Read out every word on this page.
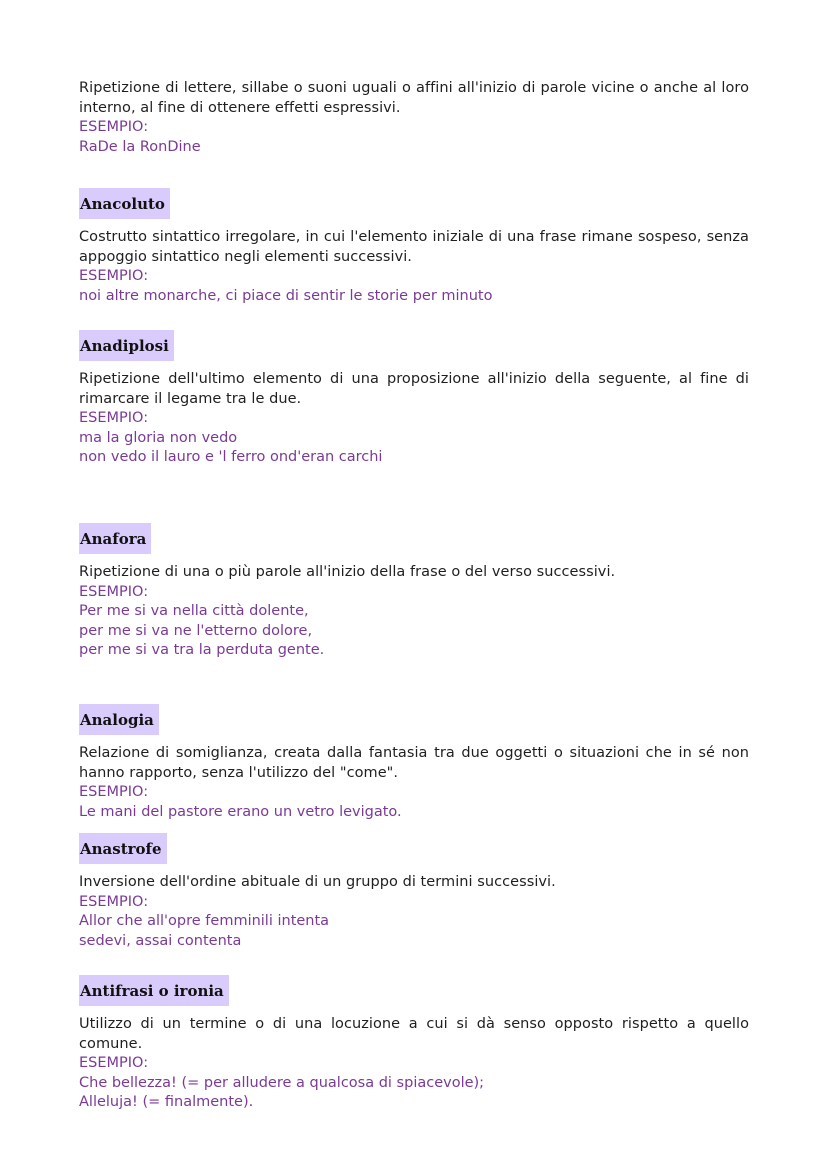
Ripetizione di lettere, sillabe o suoni uguali o affini all'inizio di parole vicine o anche al loro interno, al fine di ottenere effetti espressivi.

ESEMPIO:

RaDe la RonDine

Anacoluto

Costrutto sintattico irregolare, in cui l'elemento iniziale di una frase rimane sospeso, senza appoggio sintattico negli elementi successivi.

ESEMPIO:

noi altre monarche, ci piace di sentir le storie per minuto

Anadiplosi

Ripetizione dell'ultimo elemento di una proposizione all'inizio della seguente, al fine di rimarcare il legame tra le due.

ESEMPIO:

ma la gloria non vedo

non vedo il lauro e 'l ferro ond'eran carchi

Anafora

Ripetizione di una o più parole all'inizio della frase o del verso successivi.

ESEMPIO:

Per me si va nella città dolente,

per me si va ne l'etterno dolore,

per me si va tra la perduta gente.

Analogia

Relazione di somiglianza, creata dalla fantasia tra due oggetti o situazioni che in sé non hanno rapporto, senza l'utilizzo del "come".

ESEMPIO:

Le mani del pastore erano un vetro levigato.

Anastrofe

Inversione dell'ordine abituale di un gruppo di termini successivi.

ESEMPIO:

Allor che all'opre femminili intenta

sedevi, assai contenta

Antifrasi o ironia

Utilizzo di un termine o di una locuzione a cui si dà senso opposto rispetto a quello comune.

ESEMPIO:

Che bellezza! (= per alludere a qualcosa di spiacevole);

Alleluja! (= finalmente).
